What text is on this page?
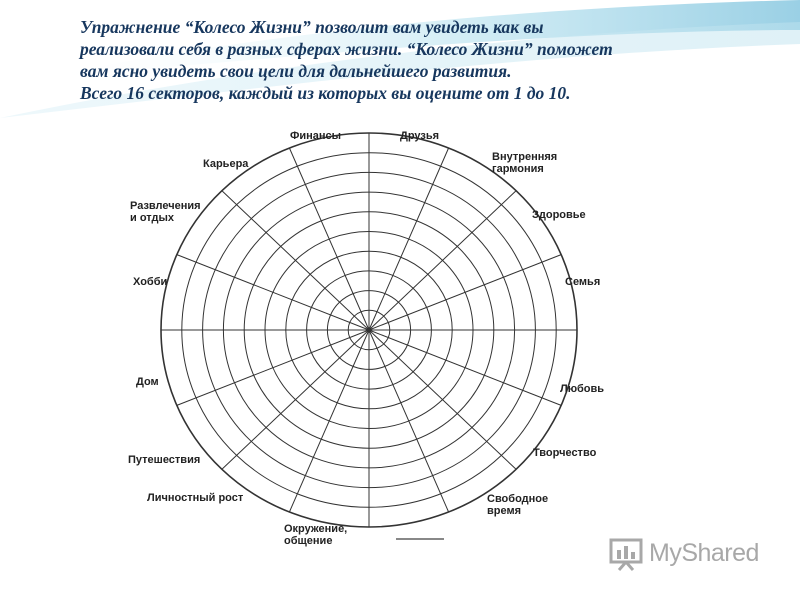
Упражнение “Колесо Жизни” позволит вам увидеть как вы
реализовали себя в разных сферах жизни. “Колесо Жизни” поможет
вам ясно увидеть свои цели для дальнейшего развития.
Всего 16 секторов, каждый из которых вы оцените от 1 до 10.
Финансы	Друзья
Внутренняя
гармония
Здоровье
Семья
Любовь
Творчество
Свободное
время
Окружение,
общение
Личностный рост
Путешествия
Дом
Хобби
Развлечения
и отдых
Карьера
MyShared
